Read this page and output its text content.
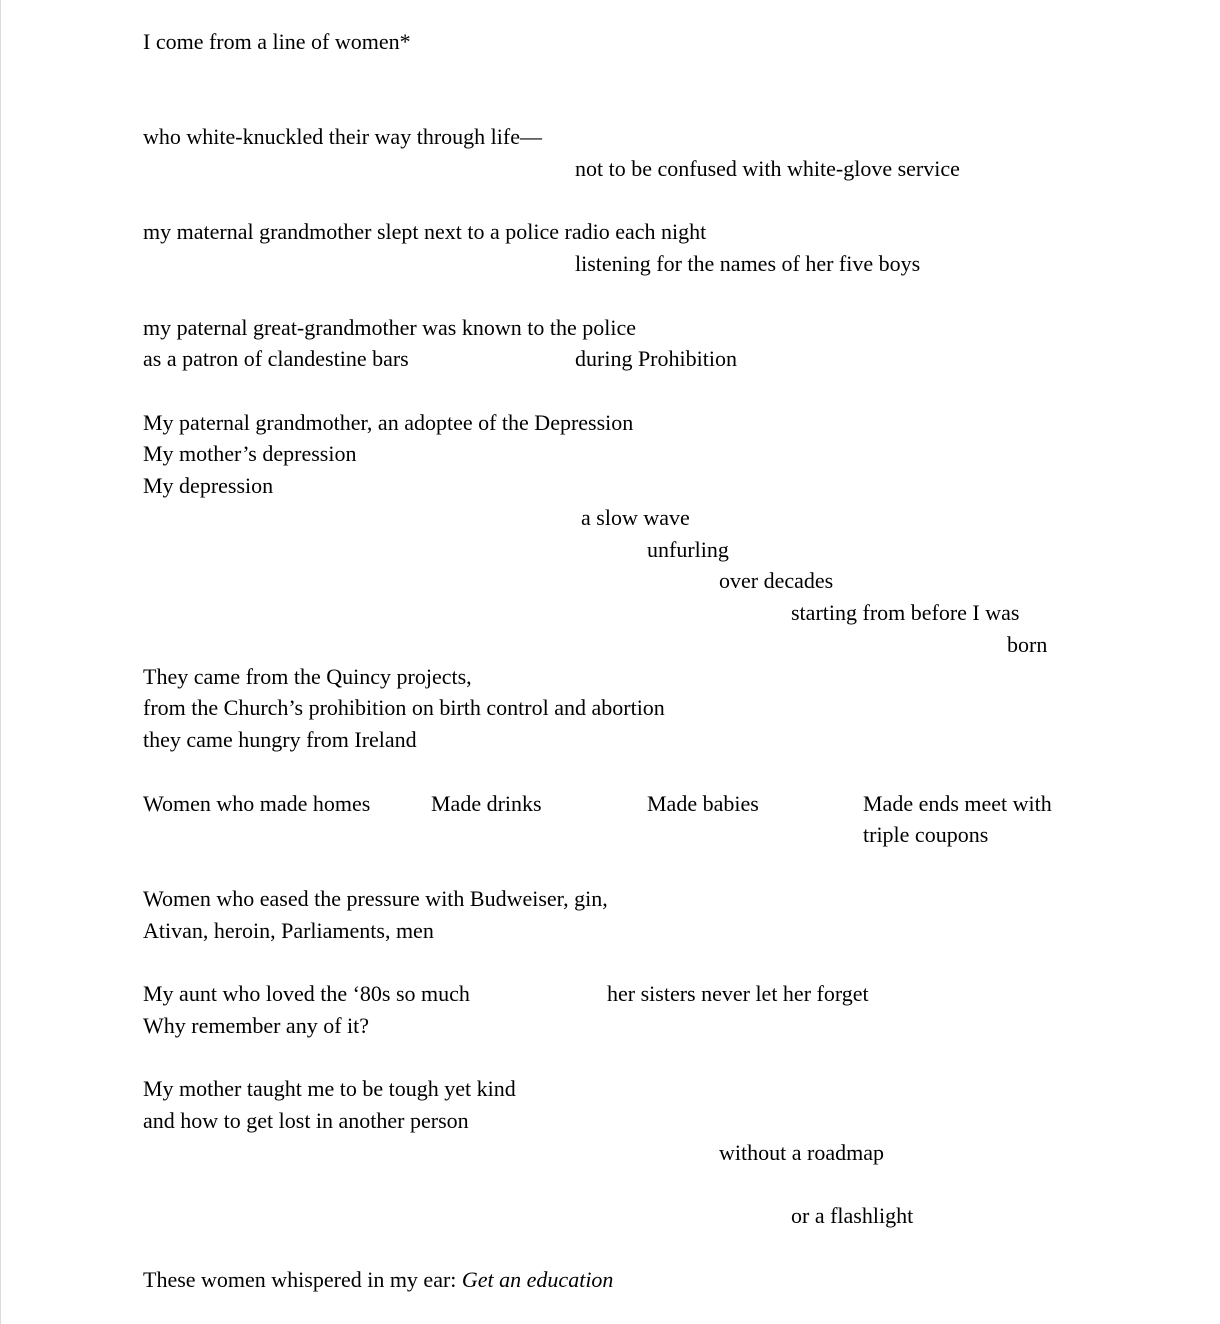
I come from a line of women*

who white-knuckled their way through life—

not to be confused with white-glove service

my maternal grandmother slept next to a police radio each night

listening for the names of her five boys

my paternal great-grandmother was known to the police

as a patron of clandestine bars	during Prohibition

My paternal grandmother, an adoptee of the Depression

My mother’s depression

My depression

a slow wave

unfurling

over decades

starting from before I was

born

They came from the Quincy projects,

from the Church’s prohibition on birth control and abortion

they came hungry from Ireland

Women who made homes	Made drinks	Made babies	Made ends meet with

triple coupons

Women who eased the pressure with Budweiser, gin,

Ativan, heroin, Parliaments, men

My aunt who loved the ‘80s so much	her sisters never let her forget

Why remember any of it?

My mother taught me to be tough yet kind

and how to get lost in another person

without a roadmap

or a flashlight

These women whispered in my ear: Get an education
